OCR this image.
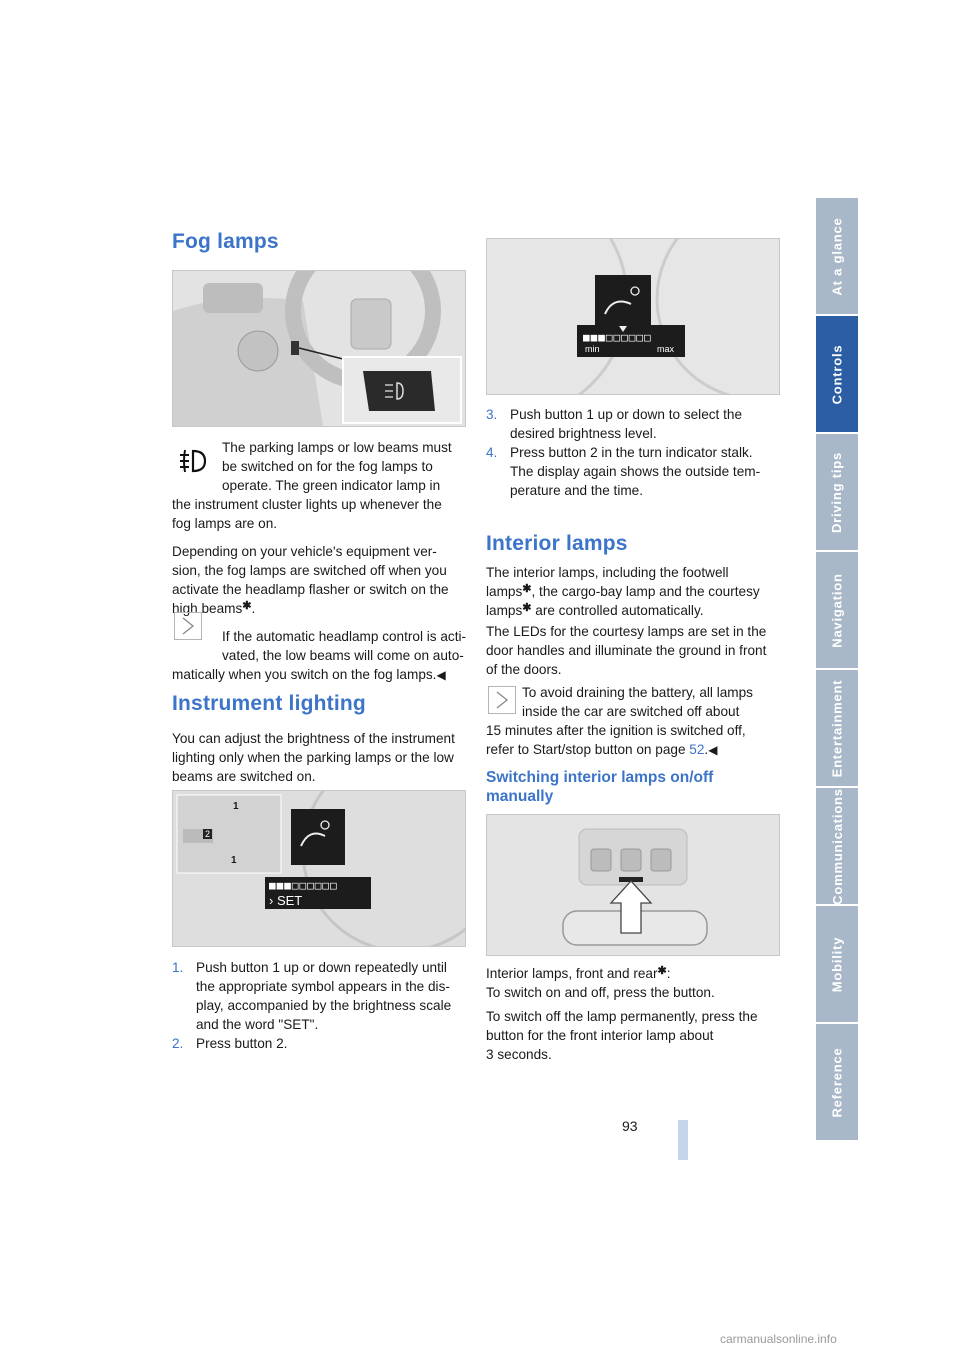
At a glance
Controls
Driving tips
Navigation
Entertainment
Communications
Mobility
Reference
Fog lamps

The parking lamps or low beams must

be switched on for the fog lamps to

operate. The green indicator lamp in

the instrument cluster lights up whenever the

fog lamps are on.

Depending on your vehicle's equipment ver-

sion, the fog lamps are switched off when you

activate the headlamp flasher or switch on the

high beams✱.

If the automatic headlamp control is acti-

vated, the low beams will come on auto-

matically when you switch on the fog lamps.◀

Instrument lighting

You can adjust the brightness of the instrument

lighting only when the parking lamps or the low

beams are switched on.

2
1
1
■■■□□□□□□
› SET

1. Push button 1 up or down repeatedly until

the appropriate symbol appears in the dis-

play, accompanied by the brightness scale

and the word "SET".

2. Press button 2.

■■■□□□□□□
min	max

3. Push button 1 up or down to select the

desired brightness level.

4. Press button 2 in the turn indicator stalk.

The display again shows the outside tem-

perature and the time.

Interior lamps

The interior lamps, including the footwell

lamps✱, the cargo-bay lamp and the courtesy

lamps✱ are controlled automatically.

The LEDs for the courtesy lamps are set in the

door handles and illuminate the ground in front

of the doors.

To avoid draining the battery, all lamps

inside the car are switched off about

15 minutes after the ignition is switched off,

refer to Start/stop button on page 52.◀

Switching interior lamps on/off
manually

Interior lamps, front and rear✱:

To switch on and off, press the button.

To switch off the lamp permanently, press the

button for the front interior lamp about

3 seconds.

93
carmanualsonline.info
